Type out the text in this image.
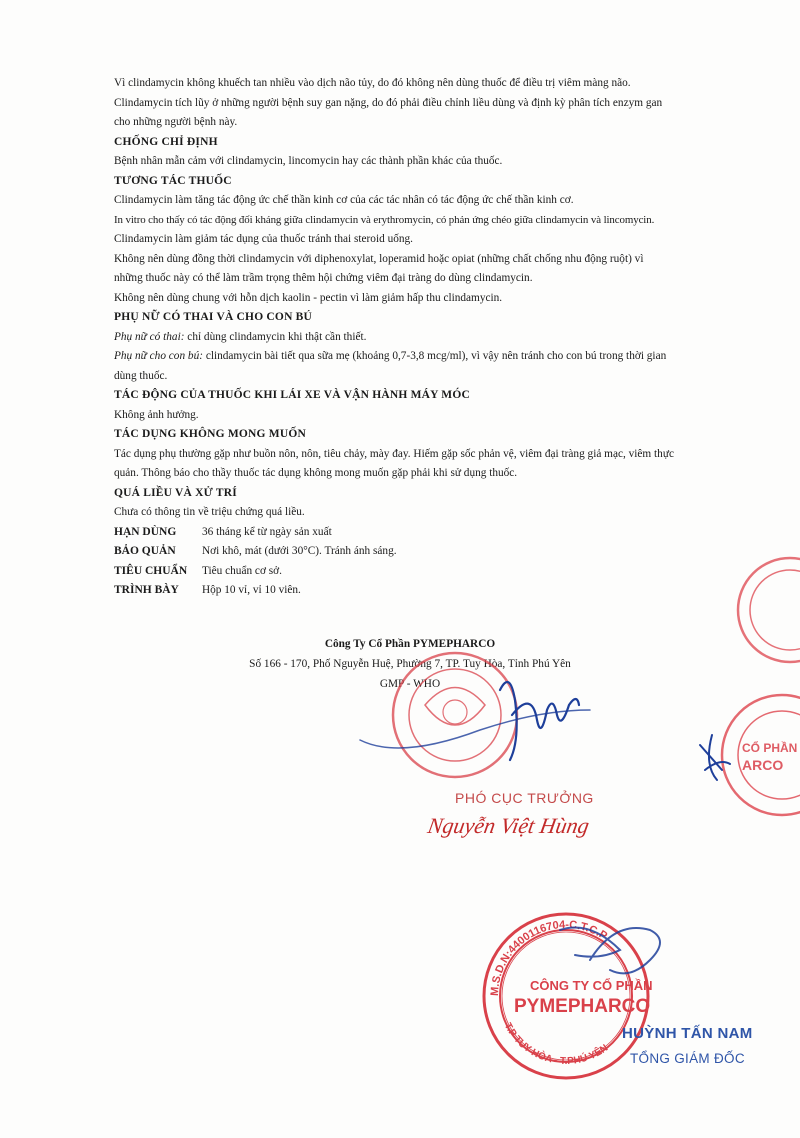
Vì clindamycin không khuếch tan nhiều vào dịch não tủy, do đó không nên dùng thuốc để điều trị viêm màng não.

Clindamycin tích lũy ở những người bệnh suy gan nặng, do đó phải điều chỉnh liều dùng và định kỳ phân tích enzym gan

cho những người bệnh này.

CHỐNG CHỈ ĐỊNH

Bệnh nhân mẫn cảm với clindamycin, lincomycin hay các thành phần khác của thuốc.

TƯƠNG TÁC THUỐC

Clindamycin làm tăng tác động ức chế thần kinh cơ của các tác nhân có tác động ức chế thần kinh cơ.

In vitro cho thấy có tác động đối kháng giữa clindamycin và erythromycin, có phản ứng chéo giữa clindamycin và lincomycin.

Clindamycin làm giảm tác dụng của thuốc tránh thai steroid uống.

Không nên dùng đồng thời clindamycin với diphenoxylat, loperamid hoặc opiat (những chất chống nhu động ruột) vì

những thuốc này có thể làm trầm trọng thêm hội chứng viêm đại tràng do dùng clindamycin.

Không nên dùng chung với hỗn dịch kaolin - pectin vì làm giảm hấp thu clindamycin.

PHỤ NỮ CÓ THAI VÀ CHO CON BÚ

Phụ nữ có thai: chỉ dùng clindamycin khi thật cần thiết.

Phụ nữ cho con bú: clindamycin bài tiết qua sữa mẹ (khoảng 0,7-3,8 mcg/ml), vì vậy nên tránh cho con bú trong thời gian

dùng thuốc.

TÁC ĐỘNG CỦA THUỐC KHI LÁI XE VÀ VẬN HÀNH MÁY MÓC

Không ảnh hưởng.

TÁC DỤNG KHÔNG MONG MUỐN

Tác dụng phụ thường gặp như buồn nôn, nôn, tiêu chảy, mày đay. Hiếm gặp sốc phản vệ, viêm đại tràng giả mạc, viêm thực

quản. Thông báo cho thầy thuốc tác dụng không mong muốn gặp phải khi sử dụng thuốc.

QUÁ LIỀU VÀ XỬ TRÍ

Chưa có thông tin về triệu chứng quá liều.

HẠN DÙNG	36 tháng kể từ ngày sản xuất
BẢO QUẢN	Nơi khô, mát (dưới 30°C). Tránh ánh sáng.
TIÊU CHUẨN	Tiêu chuẩn cơ sở.
TRÌNH BÀY	Hộp 10 vỉ, vỉ 10 viên.
Công Ty Cổ Phần PYMEPHARCO
Số 166 - 170, Phố Nguyễn Huệ, Phường 7, TP. Tuy Hòa, Tỉnh Phú Yên
GMP - WHO
CỔ PHẦN
ARCO
CÔNG TY CỔ PHẦN
PYMEPHARCO
M.S.D.N:4400116704-C.T.C.P
T.P TUY HÒA - T.PHÚ YÊN
PHÓ CỤC TRƯỞNG
Nguyễn Việt Hùng
HUỲNH TẤN NAM
TỔNG GIÁM ĐỐC
